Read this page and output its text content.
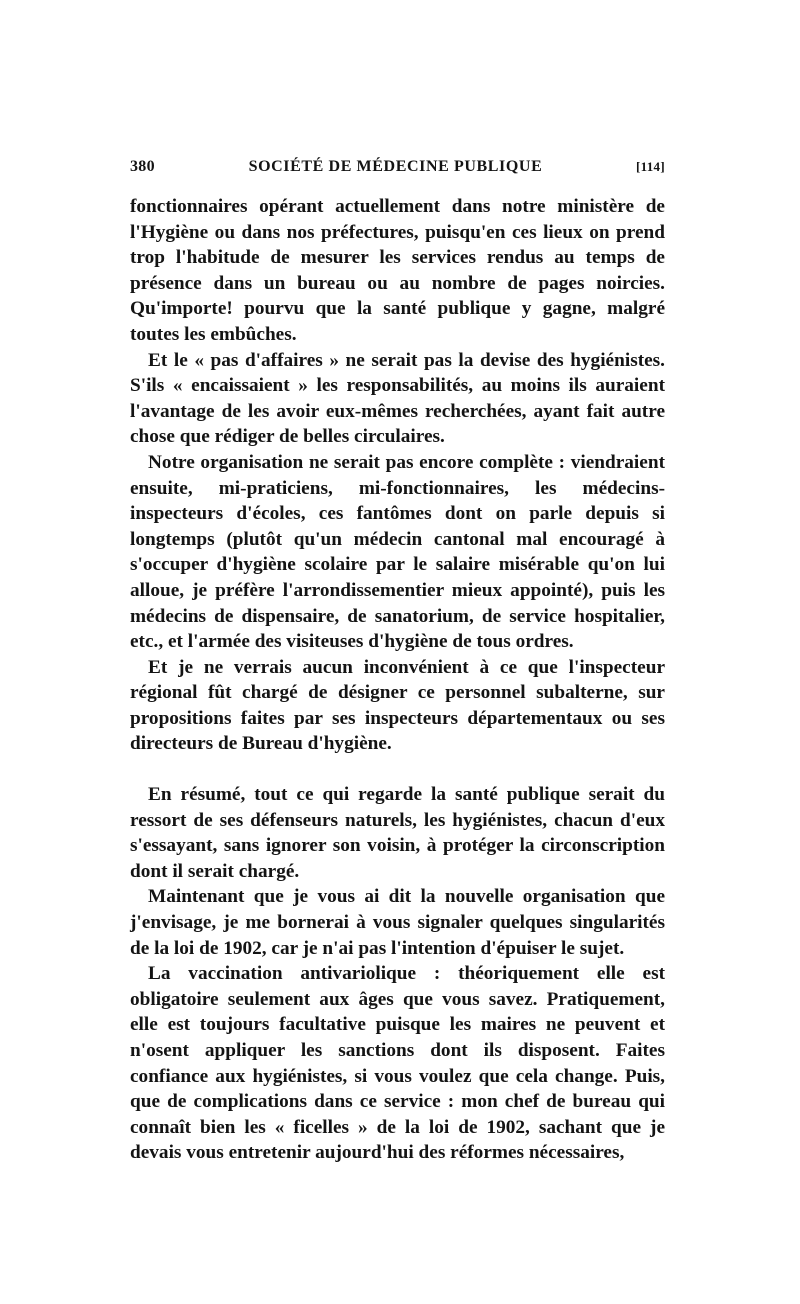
380	SOCIÉTÉ DE MÉDECINE PUBLIQUE	[114]

fonctionnaires opérant actuellement dans notre ministère de l'Hygiène ou dans nos préfectures, puisqu'en ces lieux on prend trop l'habitude de mesurer les services rendus au temps de présence dans un bureau ou au nombre de pages noircies. Qu'importe! pourvu que la santé publique y gagne, malgré toutes les embûches.

Et le « pas d'affaires » ne serait pas la devise des hygiénistes. S'ils « encaissaient » les responsabilités, au moins ils auraient l'avantage de les avoir eux-mêmes recherchées, ayant fait autre chose que rédiger de belles circulaires.

Notre organisation ne serait pas encore complète : viendraient ensuite, mi-praticiens, mi-fonctionnaires, les médecins-inspecteurs d'écoles, ces fantômes dont on parle depuis si longtemps (plutôt qu'un médecin cantonal mal encouragé à s'occuper d'hygiène scolaire par le salaire misérable qu'on lui alloue, je préfère l'arrondissementier mieux appointé), puis les médecins de dispensaire, de sanatorium, de service hospitalier, etc., et l'armée des visiteuses d'hygiène de tous ordres.

Et je ne verrais aucun inconvénient à ce que l'inspecteur régional fût chargé de désigner ce personnel subalterne, sur propositions faites par ses inspecteurs départementaux ou ses directeurs de Bureau d'hygiène.

En résumé, tout ce qui regarde la santé publique serait du ressort de ses défenseurs naturels, les hygiénistes, chacun d'eux s'essayant, sans ignorer son voisin, à protéger la circonscription dont il serait chargé.

Maintenant que je vous ai dit la nouvelle organisation que j'envisage, je me bornerai à vous signaler quelques singularités de la loi de 1902, car je n'ai pas l'intention d'épuiser le sujet.

La vaccination antivariolique : théoriquement elle est obligatoire seulement aux âges que vous savez. Pratiquement, elle est toujours facultative puisque les maires ne peuvent et n'osent appliquer les sanctions dont ils disposent. Faites confiance aux hygiénistes, si vous voulez que cela change. Puis, que de complications dans ce service : mon chef de bureau qui connaît bien les « ficelles » de la loi de 1902, sachant que je devais vous entretenir aujourd'hui des réformes nécessaires,
